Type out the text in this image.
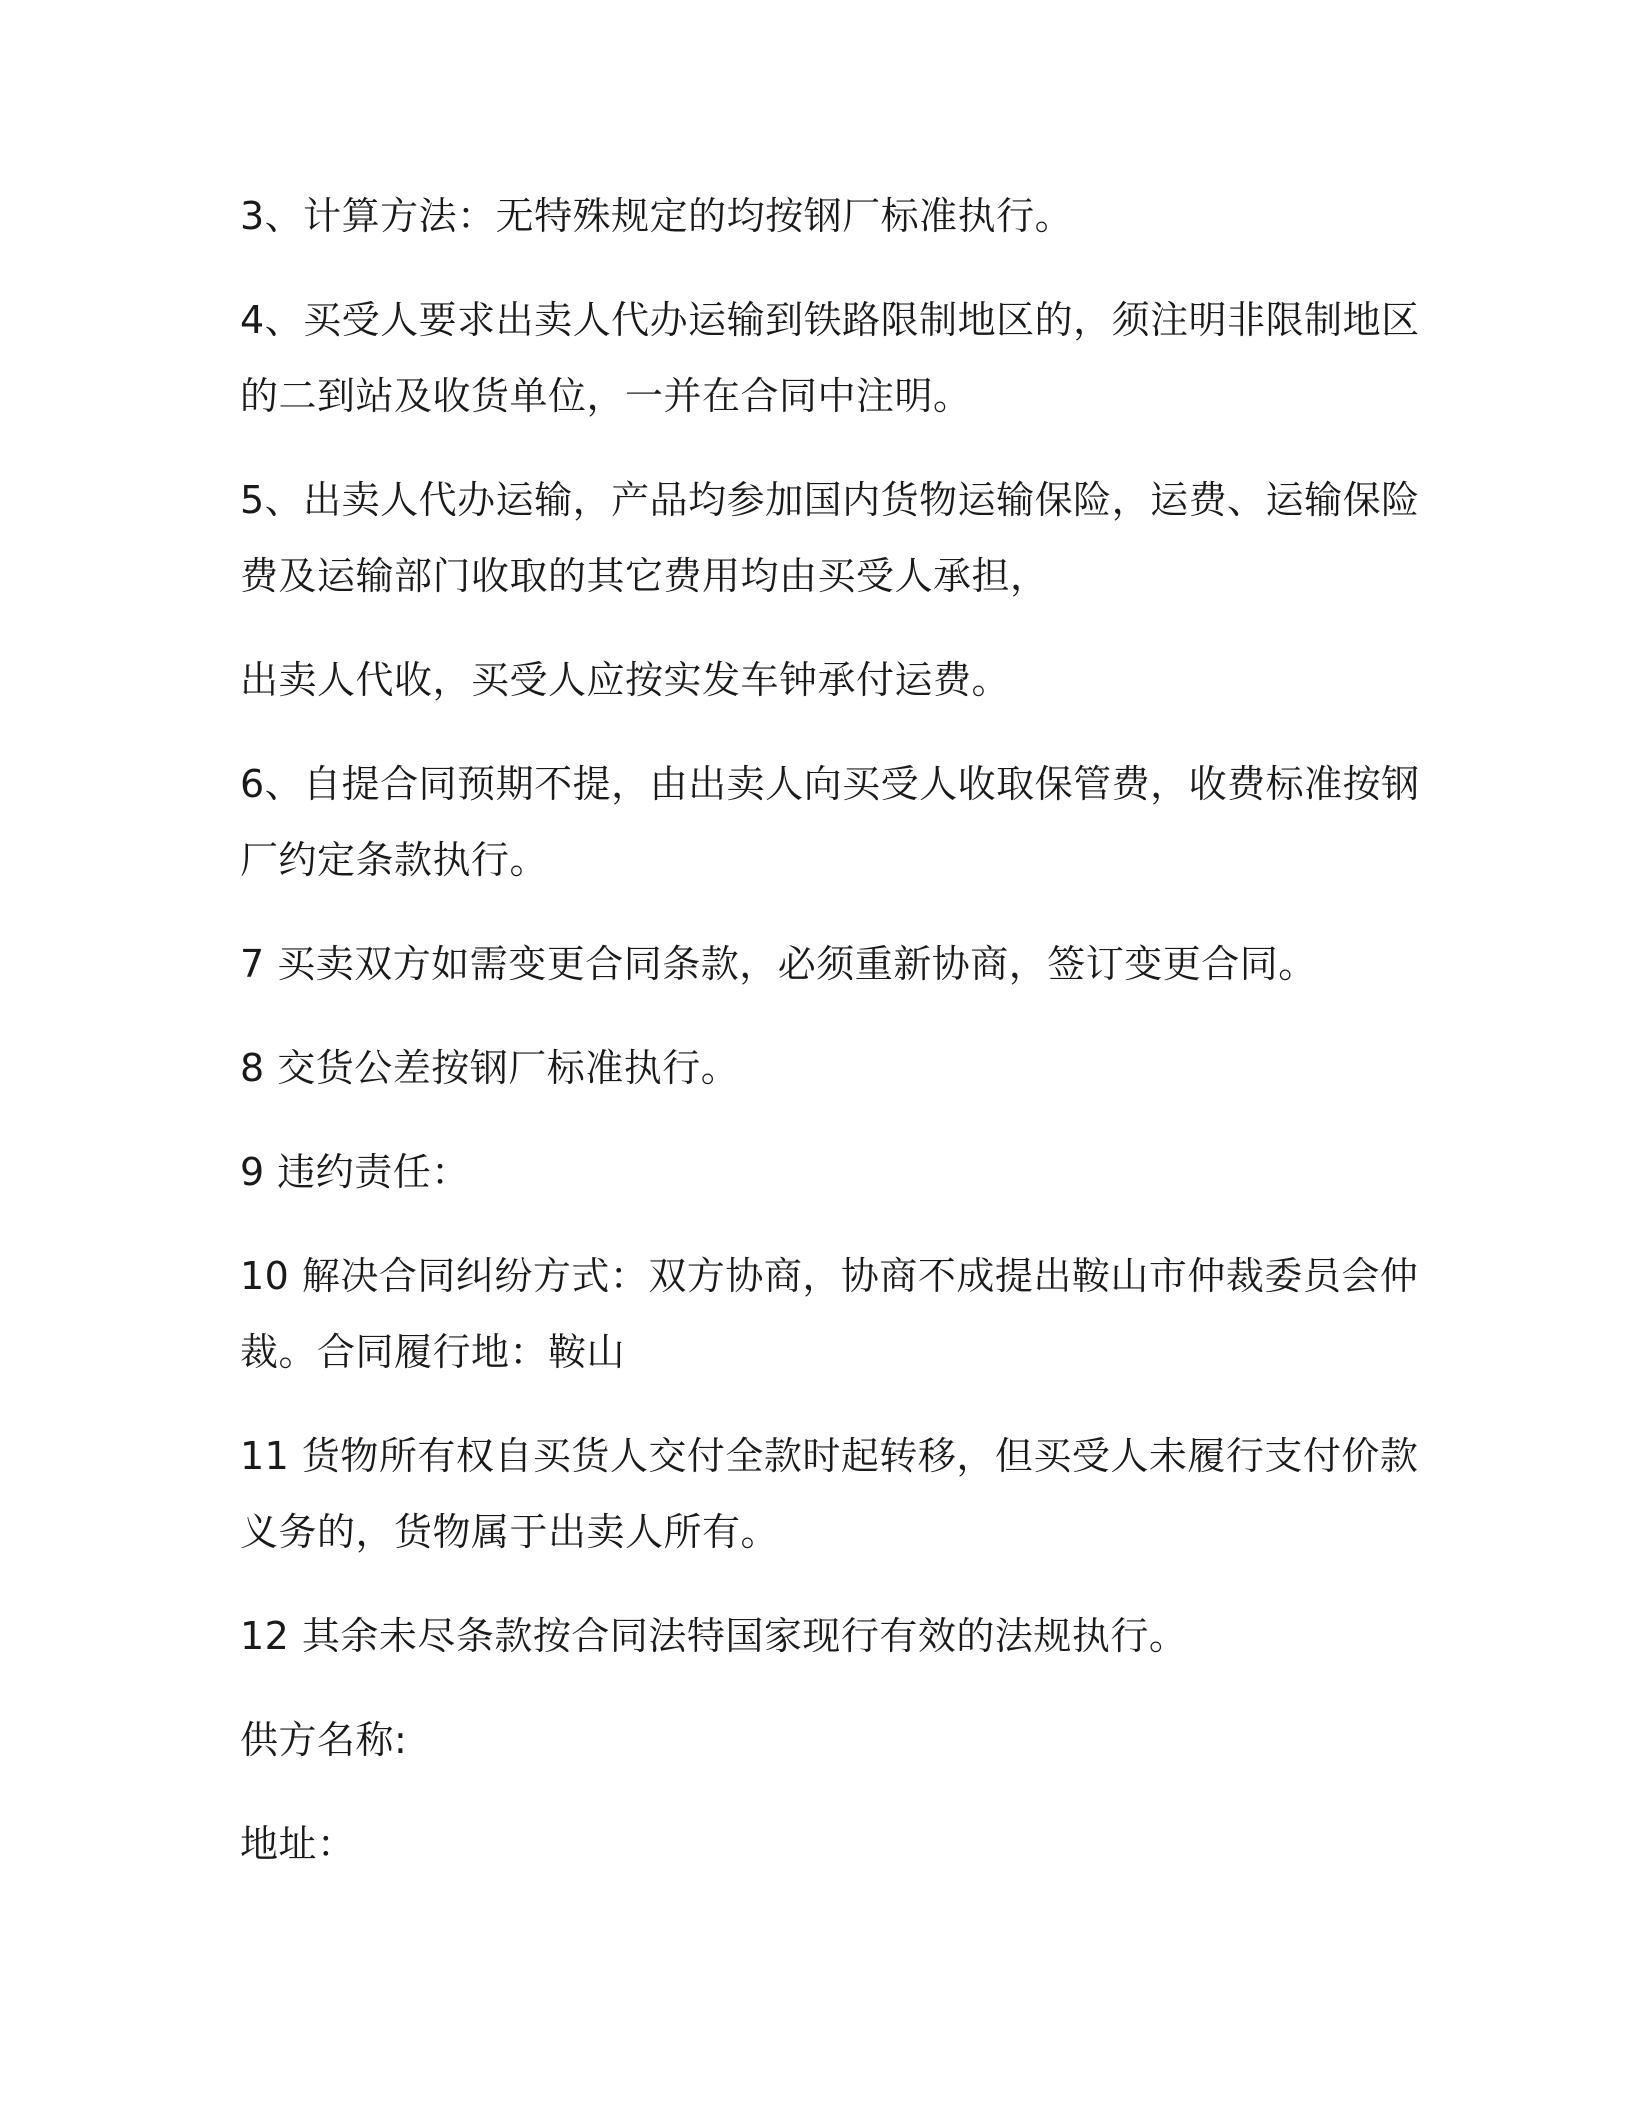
3、计算方法：无特殊规定的均按钢厂标准执行。
4、买受人要求出卖人代办运输到铁路限制地区的，须注明非限制地区
的二到站及收货单位，一并在合同中注明。
5、出卖人代办运输，产品均参加国内货物运输保险，运费、运输保险
费及运输部门收取的其它费用均由买受人承担，
出卖人代收，买受人应按实发车钟承付运费。
6、自提合同预期不提，由出卖人向买受人收取保管费，收费标准按钢
厂约定条款执行。
7 买卖双方如需变更合同条款，必须重新协商，签订变更合同。
8 交货公差按钢厂标准执行。
9 违约责任：
10 解决合同纠纷方式：双方协商，协商不成提出鞍山市仲裁委员会仲
裁。合同履行地：鞍山
11 货物所有权自买货人交付全款时起转移，但买受人未履行支付价款
义务的，货物属于出卖人所有。
12 其余未尽条款按合同法特国家现行有效的法规执行。
供方名称:
地址：
